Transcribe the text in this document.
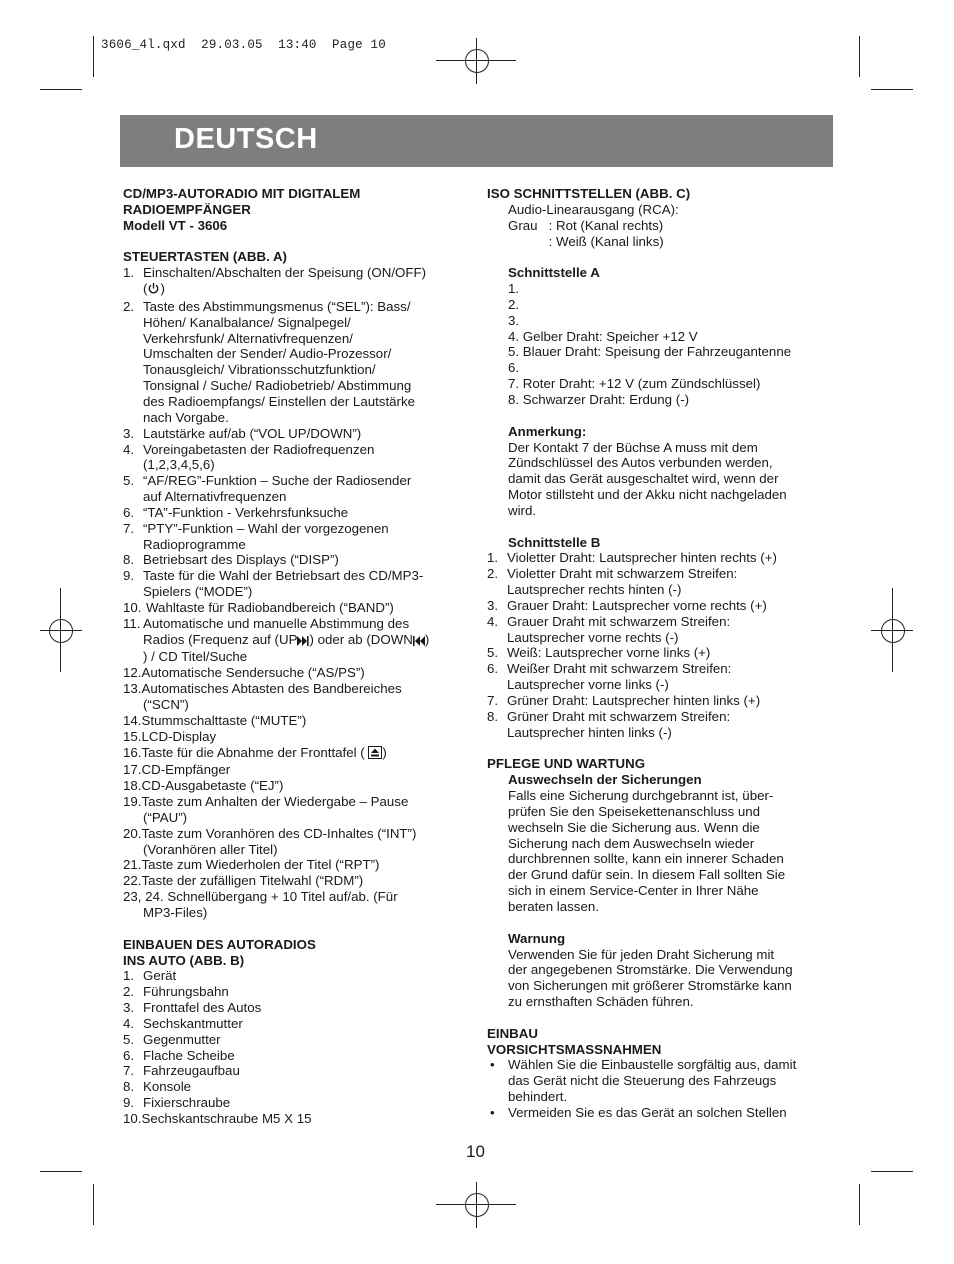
3606_4l.qxd  29.03.05  13:40  Page 10
DEUTSCH
CD/MP3-AUTORADIO MIT DIGITALEM
RADIOEMPFÄNGER
Modell VT - 3606
STEUERTASTEN (ABB. A)
1. Einschalten/Abschalten der Speisung (ON/OFF)
( )
2. Taste des Abstimmungsmenus (“SEL”): Bass/
Höhen/ Kanalbalance/ Signalpegel/
Verkehrsfunk/ Alternativfrequenzen/
Umschalten der Sender/ Audio-Prozessor/
Tonausgleich/ Vibrationsschutzfunktion/
Tonsignal / Suche/ Radiobetrieb/ Abstimmung
des Radioempfangs/ Einstellen der Lautstärke
nach Vorgabe.
3. Lautstärke auf/ab (“VOL UP/DOWN”)
4. Voreingabetasten der Radiofrequenzen
(1,2,3,4,5,6)
5. “AF/REG”-Funktion – Suche der Radiosender
auf Alternativfrequenzen
6. “TA”-Funktion - Verkehrsfunksuche
7. “PTY”-Funktion – Wahl der vorgezogenen
Radioprogramme
8. Betriebsart des Displays (“DISP”)
9. Taste für die Wahl der Betriebsart des CD/MP3-
Spielers (“MODE”)
10. Wahltaste für Radiobandbereich (“BAND”)
11. Automatische und manuelle Abstimmung des
Radios (Frequenz auf (UP ) oder ab (DOWN )
) / CD Titel/Suche
12.Automatische Sendersuche (“AS/PS”)
13.Automatisches Abtasten des Bandbereiches
(“SCN”)
14.Stummschalttaste (“MUTE”)
15.LCD-Display
16.Taste für die Abnahme der Fronttafel ( )
17.CD-Empfänger
18.CD-Ausgabetaste (“EJ”)
19.Taste zum Anhalten der Wiedergabe – Pause
(“PAU”)
20.Taste zum Voranhören des CD-Inhaltes (“INT”)
(Voranhören aller Titel)
21.Taste zum Wiederholen der Titel (“RPT”)
22.Taste der zufälligen Titelwahl (“RDM”)
23, 24. Schnellübergang + 10 Titel auf/ab. (Für
MP3-Files)
EINBAUEN DES AUTORADIOS
INS AUTO (ABB. B)
1. Gerät
2. Führungsbahn
3. Fronttafel des Autos
4. Sechskantmutter
5. Gegenmutter
6. Flache Scheibe
7. Fahrzeugaufbau
8. Konsole
9. Fixierschraube
10.Sechskantschraube M5 X 15
ISO SCHNITTSTELLEN (ABB. C)
Audio-Linearausgang (RCA):
Grau   : Rot (Kanal rechts)
: Weiß (Kanal links)
Schnittstelle A
1.
2.
3.
4. Gelber Draht: Speicher +12 V
5. Blauer Draht: Speisung der Fahrzeugantenne
6.
7. Roter Draht: +12 V (zum Zündschlüssel)
8. Schwarzer Draht: Erdung (-)
Anmerkung:
Der Kontakt 7 der Büchse A muss mit dem
Zündschlüssel des Autos verbunden werden,
damit das Gerät ausgeschaltet wird, wenn der
Motor stillsteht und der Akku nicht nachgeladen
wird.
Schnittstelle B
1. Violetter Draht: Lautsprecher hinten rechts (+)
2. Violetter Draht mit schwarzem Streifen:
Lautsprecher rechts hinten (-)
3. Grauer Draht: Lautsprecher vorne rechts (+)
4. Grauer Draht mit schwarzem Streifen:
Lautsprecher vorne rechts (-)
5. Weiß: Lautsprecher vorne links (+)
6. Weißer Draht mit schwarzem Streifen:
Lautsprecher vorne links (-)
7. Grüner Draht: Lautsprecher hinten links (+)
8. Grüner Draht mit schwarzem Streifen:
Lautsprecher hinten links (-)
PFLEGE UND WARTUNG
Auswechseln der Sicherungen
Falls eine Sicherung durchgebrannt ist, über-
prüfen Sie den Speisekettenanschluss und
wechseln Sie die Sicherung aus. Wenn die
Sicherung nach dem Auswechseln wieder
durchbrennen sollte, kann ein innerer Schaden
der Grund dafür sein. In diesem Fall sollten Sie
sich in einem Service-Center in Ihrer Nähe
beraten lassen.
Warnung
Verwenden Sie für jeden Draht Sicherung mit
der angegebenen Stromstärke. Die Verwendung
von Sicherungen mit größerer Stromstärke kann
zu ernsthaften Schäden führen.
EINBAU
VORSICHTSMASSNAHMEN
• Wählen Sie die Einbaustelle sorgfältig aus, damit
das Gerät nicht die Steuerung des Fahrzeugs
behindert.
• Vermeiden Sie es das Gerät an solchen Stellen
10
